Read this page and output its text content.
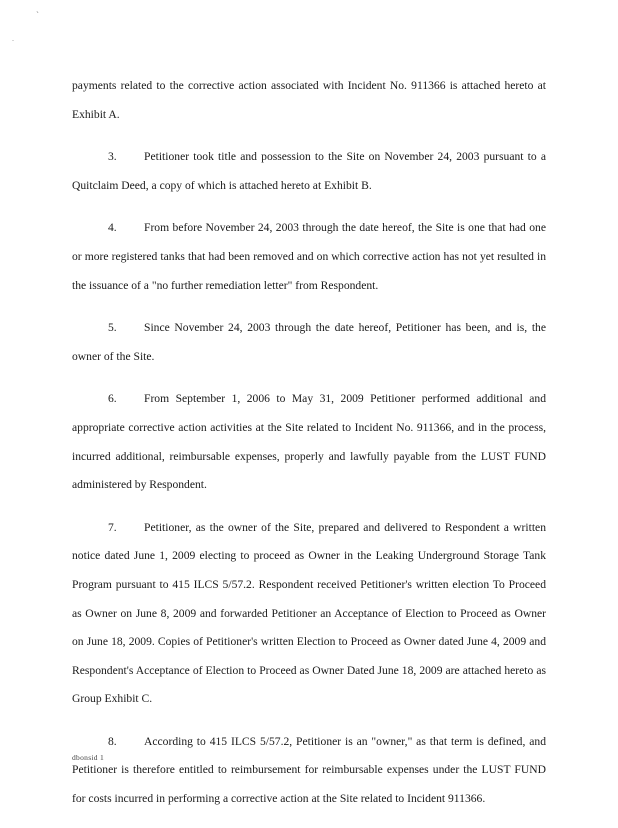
`
.

payments related to the corrective action associated with Incident No. 911366 is attached hereto at Exhibit A.

3. Petitioner took title and possession to the Site on November 24, 2003 pursuant to a Quitclaim Deed, a copy of which is attached hereto at Exhibit B.

4. From before November 24, 2003 through the date hereof, the Site is one that had one or more registered tanks that had been removed and on which corrective action has not yet resulted in the issuance of a "no further remediation letter" from Respondent.

5. Since November 24, 2003 through the date hereof, Petitioner has been, and is, the owner of the Site.

6. From September 1, 2006 to May 31, 2009 Petitioner performed additional and appropriate corrective action activities at the Site related to Incident No. 911366, and in the process, incurred additional, reimbursable expenses, properly and lawfully payable from the LUST FUND administered by Respondent.

7. Petitioner, as the owner of the Site, prepared and delivered to Respondent a written notice dated June 1, 2009 electing to proceed as Owner in the Leaking Underground Storage Tank Program pursuant to 415 ILCS 5/57.2. Respondent received Petitioner's written election To Proceed as Owner on June 8, 2009 and forwarded Petitioner an Acceptance of Election to Proceed as Owner on June 18, 2009. Copies of Petitioner's written Election to Proceed as Owner dated June 4, 2009 and Respondent's Acceptance of Election to Proceed as Owner Dated June 18, 2009 are attached hereto as Group Exhibit C.

8. According to 415 ILCS 5/57.2, Petitioner is an "owner," as that term is defined, and Petitioner is therefore entitled to reimbursement for reimbursable expenses under the LUST FUND for costs incurred in performing a corrective action at the Site related to Incident 911366.

dbonsid 1
